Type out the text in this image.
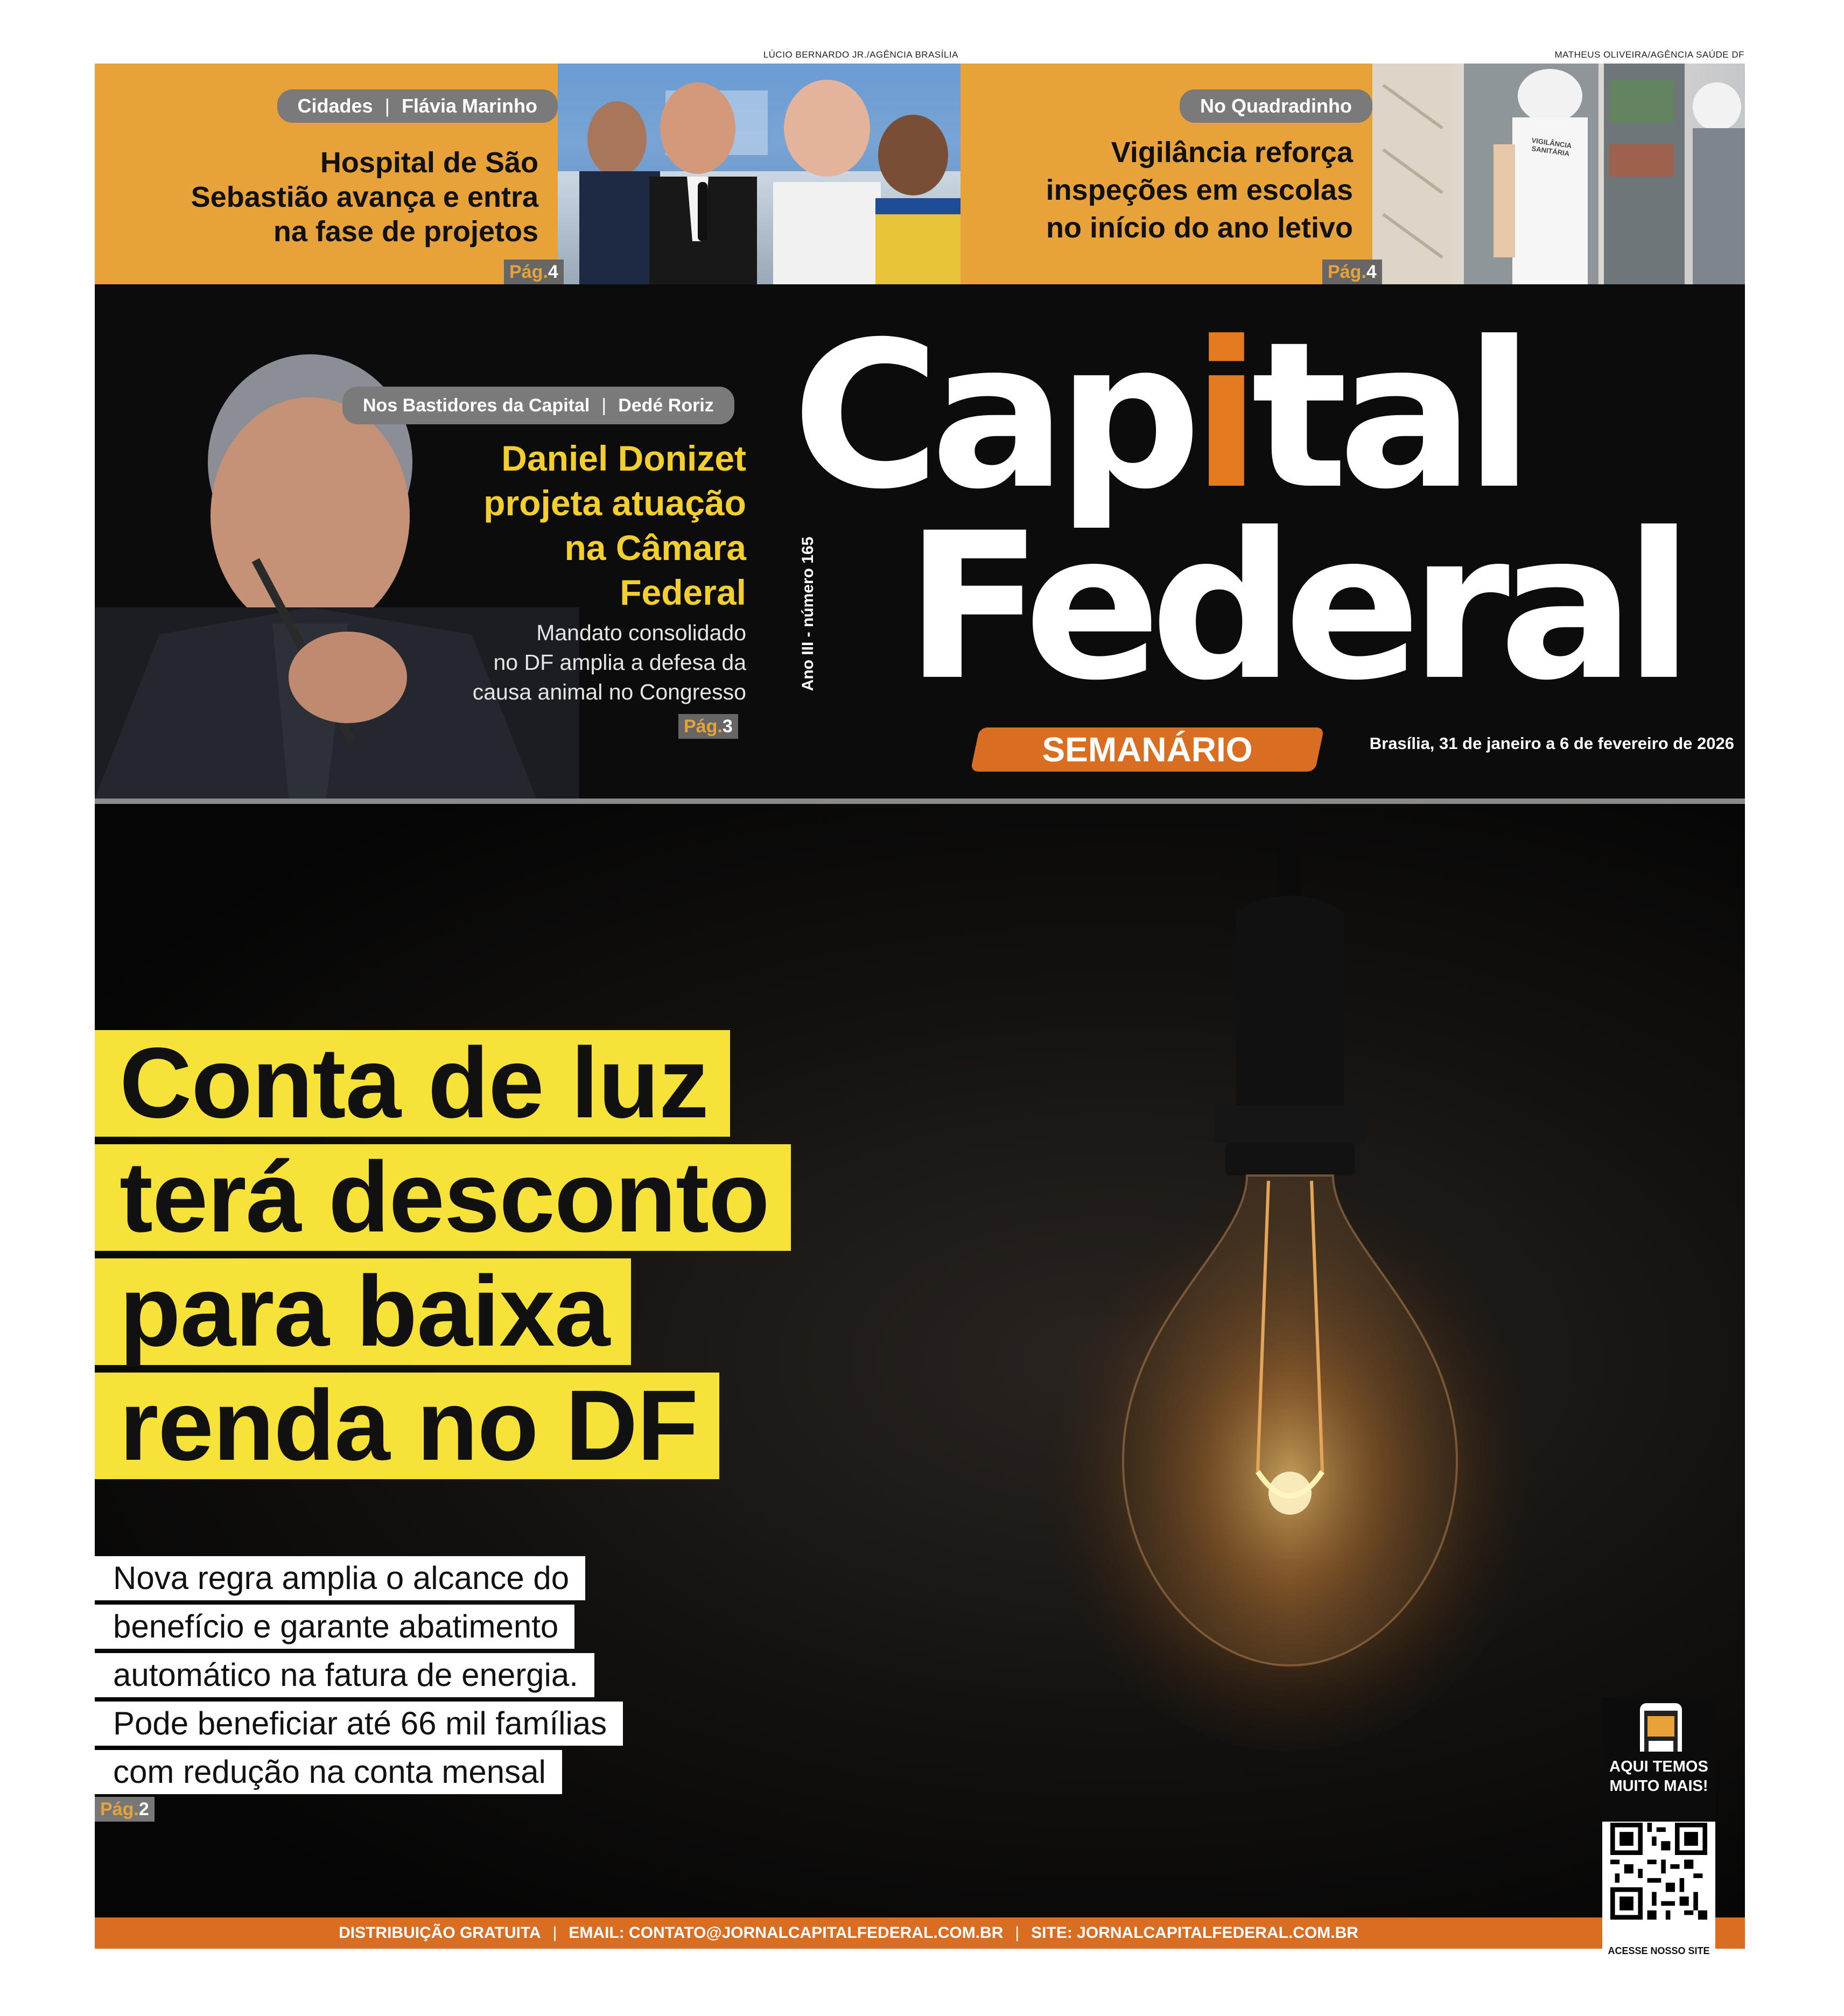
LÚCIO BERNARDO JR./AGÊNCIA BRASÍLIA	MATHEUS OLIVEIRA/AGÊNCIA SAÚDE DF
Cidades | Flávia Marinho
Hospital de São
Sebastião avança e entra
na fase de projetos
Pág.4
No Quadradinho
Vigilância reforça
inspeções em escolas
no início do ano letivo
VIGILÂNCIA SANITÁRIA
Pág.4
Nos Bastidores da Capital | Dedé Roriz
Daniel Donizet
projeta atuação
na Câmara
Federal
Mandato consolidado
no DF amplia a defesa da
causa animal no Congresso
Pág.3
Capital
Federal
Ano III - número 165
SEMANÁRIO	Brasília, 31 de janeiro a 6 de fevereiro de 2026
Conta de luz
terá desconto
para baixa
renda no DF
Nova regra amplia o alcance do
benefício e garante abatimento
automático na fatura de energia.
Pode beneficiar até 66 mil famílias
com redução na conta mensal
Pág.2
AQUI TEMOS
MUITO MAIS!
ACESSE NOSSO SITE
DISTRIBUIÇÃO GRATUITA | EMAIL: CONTATO@JORNALCAPITALFEDERAL.COM.BR | SITE: JORNALCAPITALFEDERAL.COM.BR
